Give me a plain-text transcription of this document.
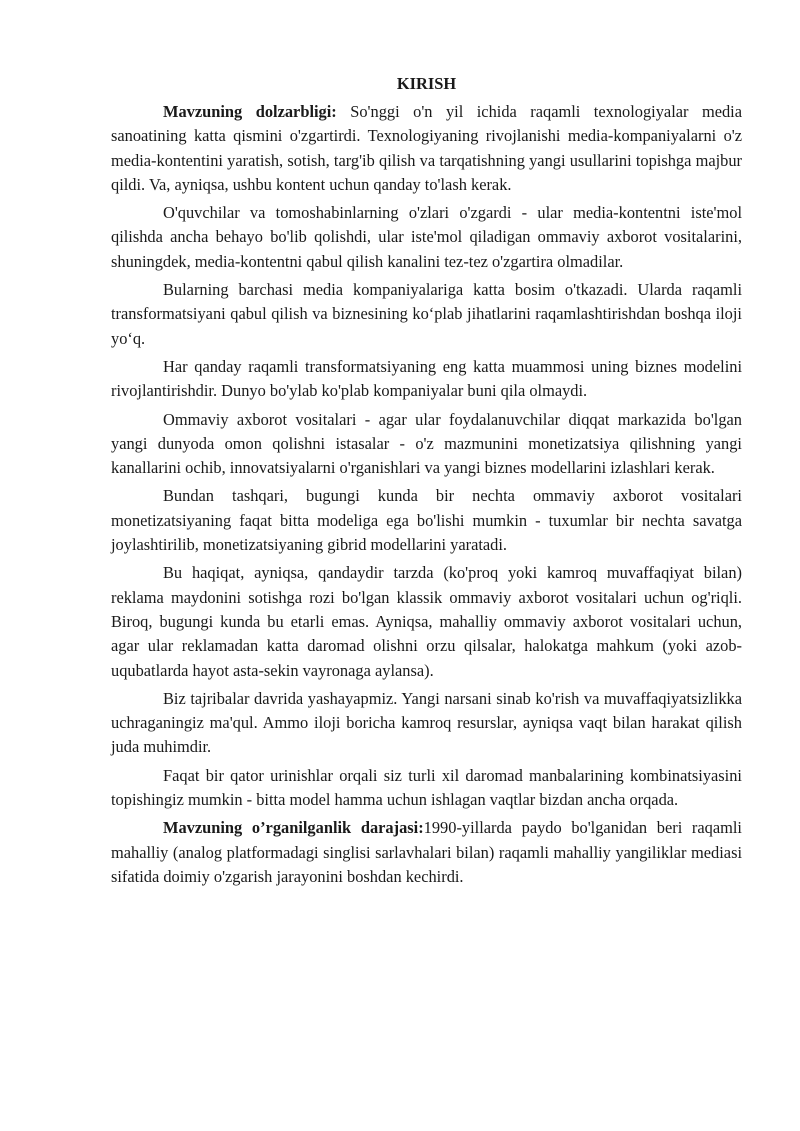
KIRISH

Mavzuning dolzarbligi: So'nggi o'n yil ichida raqamli texnologiyalar media sanoatining katta qismini o'zgartirdi. Texnologiyaning rivojlanishi media-kompaniyalarni o'z media-kontentini yaratish, sotish, targ'ib qilish va tarqatishning yangi usullarini topishga majbur qildi. Va, ayniqsa, ushbu kontent uchun qanday to'lash kerak.

O'quvchilar va tomoshabinlarning o'zlari o'zgardi - ular media-kontentni iste'mol qilishda ancha behayo bo'lib qolishdi, ular iste'mol qiladigan ommaviy axborot vositalarini, shuningdek, media-kontentni qabul qilish kanalini tez-tez o'zgartira olmadilar.

Bularning barchasi media kompaniyalariga katta bosim o'tkazadi. Ularda raqamli transformatsiyani qabul qilish va biznesining ko‘plab jihatlarini raqamlashtirishdan boshqa iloji yo‘q.

Har qanday raqamli transformatsiyaning eng katta muammosi uning biznes modelini rivojlantirishdir. Dunyo bo'ylab ko'plab kompaniyalar buni qila olmaydi.

Ommaviy axborot vositalari - agar ular foydalanuvchilar diqqat markazida bo'lgan yangi dunyoda omon qolishni istasalar - o'z mazmunini monetizatsiya qilishning yangi kanallarini ochib, innovatsiyalarni o'rganishlari va yangi biznes modellarini izlashlari kerak.

Bundan tashqari, bugungi kunda bir nechta ommaviy axborot vositalari monetizatsiyaning faqat bitta modeliga ega bo'lishi mumkin - tuxumlar bir nechta savatga joylashtirilib, monetizatsiyaning gibrid modellarini yaratadi.

Bu haqiqat, ayniqsa, qandaydir tarzda (ko'proq yoki kamroq muvaffaqiyat bilan) reklama maydonini sotishga rozi bo'lgan klassik ommaviy axborot vositalari uchun og'riqli. Biroq, bugungi kunda bu etarli emas. Ayniqsa, mahalliy ommaviy axborot vositalari uchun, agar ular reklamadan katta daromad olishni orzu qilsalar, halokatga mahkum (yoki azob-uqubatlarda hayot asta-sekin vayronaga aylansa).

Biz tajribalar davrida yashayapmiz. Yangi narsani sinab ko'rish va muvaffaqiyatsizlikka uchraganingiz ma'qul. Ammo iloji boricha kamroq resurslar, ayniqsa vaqt bilan harakat qilish juda muhimdir.

Faqat bir qator urinishlar orqali siz turli xil daromad manbalarining kombinatsiyasini topishingiz mumkin - bitta model hamma uchun ishlagan vaqtlar bizdan ancha orqada.

Mavzuning o’rganilganlik darajasi:1990-yillarda paydo bo'lganidan beri raqamli mahalliy (analog platformadagi singlisi sarlavhalari bilan) raqamli mahalliy yangiliklar mediasi sifatida doimiy o'zgarish jarayonini boshdan kechirdi.
